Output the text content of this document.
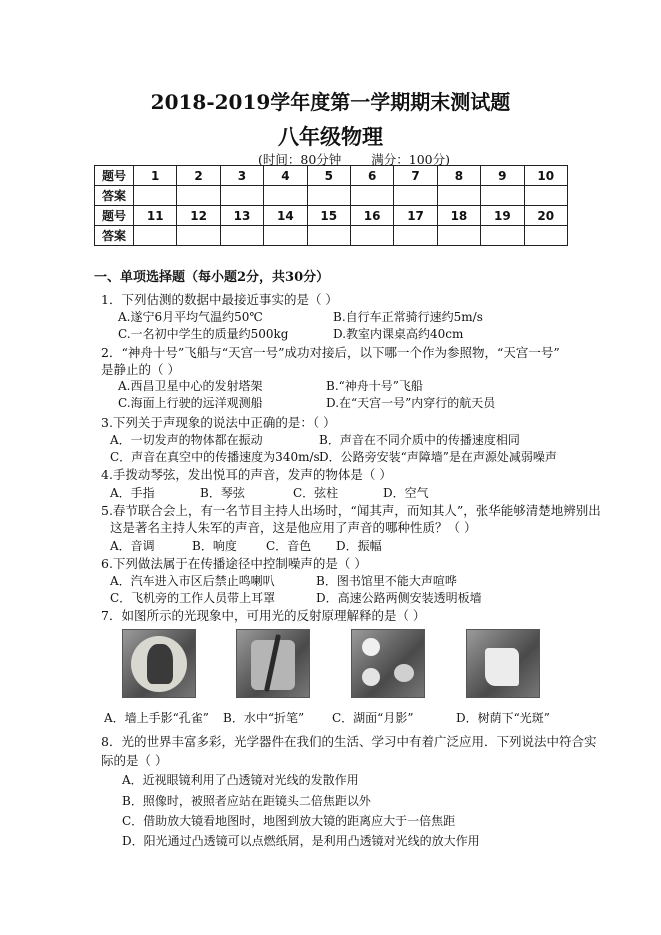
2018-2019学年度第一学期期末测试题
八年级物理
(时间：80分钟 满分：100分)
题号	1	2	3	4	5	6	7	8	9	10
答案										
题号	11	12	13	14	15	16	17	18	19	20
答案										
一、单项选择题（每小题2分，共30分）
1．下列估测的数据中最接近事实的是（ ）
A.遂宁6月平均气温约50℃	B.自行车正常骑行速约5m/s
C.一名初中学生的质量约500kg	D.教室内课桌高约40cm
2．“神舟十号”飞船与“天宫一号”成功对接后，以下哪一个作为参照物，“天宫一号”
是静止的（ ）
A.西昌卫星中心的发射塔架	B.“神舟十号”飞船
C.海面上行驶的远洋观测船	D.在“天宫一号”内穿行的航天员
3.下列关于声现象的说法中正确的是：（ ）
A．一切发声的物体都在振动	B．声音在不同介质中的传播速度相同
C．声音在真空中的传播速度为340m/s D．公路旁安装“声障墙”是在声源处减弱噪声
4.手拨动琴弦，发出悦耳的声音，发声的物体是（ ）
A．手指	B．琴弦	C．弦柱	D．空气
5.春节联合会上，有一名节目主持人出场时，“闻其声，而知其人”，张华能够清楚地辨别出
这是著名主持人朱军的声音，这是他应用了声音的哪种性质？（ ）
A．音调	B．响度 C．音色 D．振幅
6.下列做法属于在传播途径中控制噪声的是（ ）
A．汽车进入市区后禁止鸣喇叭	B．图书馆里不能大声喧哗
C．飞机旁的工作人员带上耳罩	D．高速公路两侧安装透明板墙
7．如图所示的光现象中，可用光的反射原理解释的是（ ）
A．墙上手影“孔雀” B．水中“折笔” C．湖面“月影”	D．树荫下“光斑”
8．光的世界丰富多彩，光学器件在我们的生活、学习中有着广泛应用．下列说法中符合实
际的是（ ）
A．近视眼镜利用了凸透镜对光线的发散作用
B．照像时，被照者应站在距镜头二倍焦距以外
C．借助放大镜看地图时，地图到放大镜的距离应大于一倍焦距
D．阳光通过凸透镜可以点燃纸屑，是利用凸透镜对光线的放大作用
